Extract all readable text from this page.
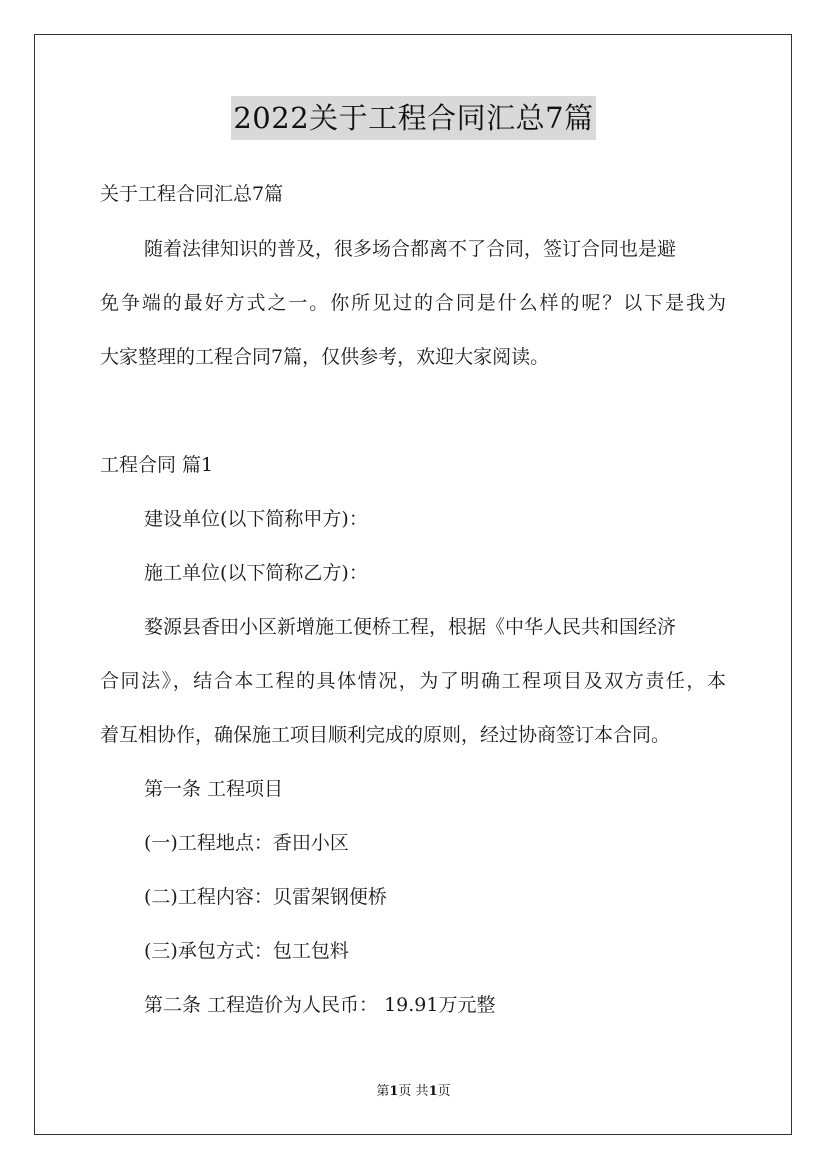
2022关于工程合同汇总7篇
关于工程合同汇总7篇
随着法律知识的普及，很多场合都离不了合同，签订合同也是避
免争端的最好方式之一。你所见过的合同是什么样的呢？以下是我为
大家整理的工程合同7篇，仅供参考，欢迎大家阅读。
工程合同 篇1
建设单位(以下简称甲方)：
施工单位(以下简称乙方)：
婺源县香田小区新增施工便桥工程，根据《中华人民共和国经济
合同法》，结合本工程的具体情况，为了明确工程项目及双方责任，本
着互相协作，确保施工项目顺利完成的原则，经过协商签订本合同。
第一条 工程项目
(一)工程地点：香田小区
(二)工程内容：贝雷架钢便桥
(三)承包方式：包工包料
第二条 工程造价为人民币： 19.91万元整
第1页 共1页
